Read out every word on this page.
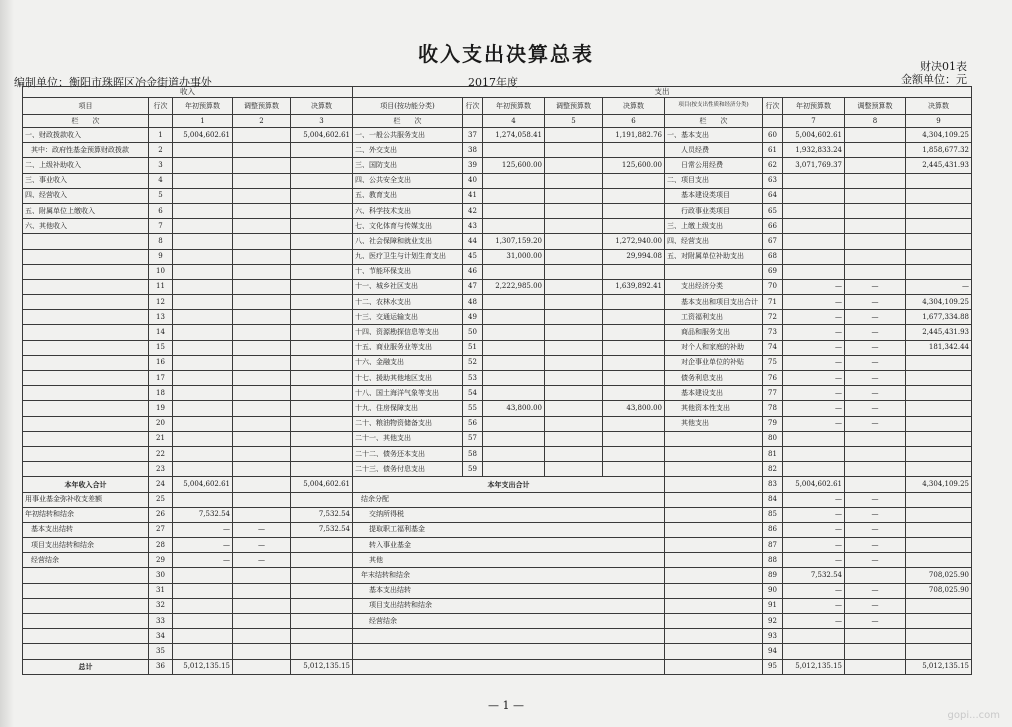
收入支出决算总表
财决01表
金额单位：元
编制单位：衡阳市珠晖区冶金街道办事处	2017年度
收入					支出									
项目	行次	年初预算数	调整预算数	决算数	项目(按功能分类)	行次	年初预算数	调整预算数	决算数	项目(按支出性质和经济分类)	行次	年初预算数	调整预算数	决算数
栏　　次		1	2	3	栏　　次		4	5	6	栏　　次		7	8	9
一、财政拨款收入	1	5,004,602.61		5,004,602.61	一、一般公共服务支出	37	1,274,058.41		1,191,882.76	一、基本支出	60	5,004,602.61		4,304,109.25
其中：政府性基金预算财政拨款	2				二、外交支出	38				人员经费	61	1,932,833.24		1,858,677.32
二、上级补助收入	3				三、国防支出	39	125,600.00		125,600.00	日常公用经费	62	3,071,769.37		2,445,431.93
三、事业收入	4				四、公共安全支出	40				二、项目支出	63			
四、经营收入	5				五、教育支出	41				基本建设类项目	64			
五、附属单位上缴收入	6				六、科学技术支出	42				行政事业类项目	65			
六、其他收入	7				七、文化体育与传媒支出	43				三、上缴上级支出	66			
	8				八、社会保障和就业支出	44	1,307,159.20		1,272,940.00	四、经营支出	67			
	9				九、医疗卫生与计划生育支出	45	31,000.00		29,994.08	五、对附属单位补助支出	68			
	10				十、节能环保支出	46					69			
	11				十一、城乡社区支出	47	2,222,985.00		1,639,892.41	支出经济分类	70	—	—	—
	12				十二、农林水支出	48				基本支出和项目支出合计	71	—	—	4,304,109.25
	13				十三、交通运输支出	49				工资福利支出	72	—	—	1,677,334.88
	14				十四、资源勘探信息等支出	50				商品和服务支出	73	—	—	2,445,431.93
	15				十五、商业服务业等支出	51				对个人和家庭的补助	74	—	—	181,342.44
	16				十六、金融支出	52				对企事业单位的补贴	75	—	—	
	17				十七、援助其他地区支出	53				债务利息支出	76	—	—	
	18				十八、国土海洋气象等支出	54				基本建设支出	77	—	—	
	19				十九、住房保障支出	55	43,800.00		43,800.00	其他资本性支出	78	—	—	
	20				二十、粮油物资储备支出	56				其他支出	79	—	—	
	21				二十一、其他支出	57					80			
	22				二十二、债务还本支出	58					81			
	23				二十三、债务付息支出	59					82			
本年收入合计	24	5,004,602.61		5,004,602.61	本年支出合计						83	5,004,602.61		4,304,109.25
用事业基金弥补收支差额	25				结余分配						84	—	—	
年初结转和结余	26	7,532.54		7,532.54	交纳所得税						85	—	—	
基本支出结转	27	—	—	7,532.54	提取职工福利基金						86	—	—	
项目支出结转和结余	28	—	—		转入事业基金						87	—	—	
经营结余	29	—	—		其他						88	—	—	
	30				年末结转和结余						89	7,532.54		708,025.90
	31				基本支出结转						90	—	—	708,025.90
	32				项目支出结转和结余						91	—	—	
	33				经营结余						92	—	—	
	34										93			
	35										94			
总计	36	5,012,135.15		5,012,135.15							95	5,012,135.15		5,012,135.15
— 1 —
gopi...com
